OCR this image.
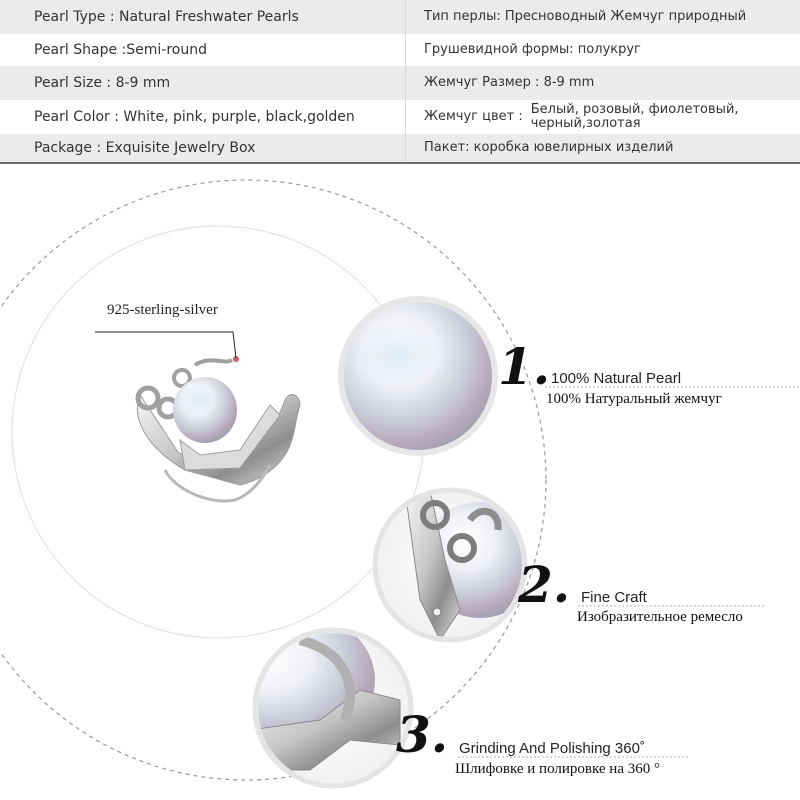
Pearl Type : Natural Freshwater Pearls	Тип перлы: Пресноводный Жемчуг природный
Pearl Shape :Semi-round	Грушевидной формы: полукруг
Pearl Size : 8-9 mm	Жемчуг Размер : 8-9 mm
Pearl Color : White, pink, purple, black,golden	Жемчуг цвет : Белый, розовый, фиолетовый,
черный,золотая
Package : Exquisite Jewelry Box	Пакет: коробка ювелирных изделий
925-sterling-silver
1. 100% Natural Pearl
100% Натуральный жемчуг
2. Fine Craft
Изобразительное ремесло
3. Grinding And Polishing 360˚
Шлифовке и полировке на 360 °
